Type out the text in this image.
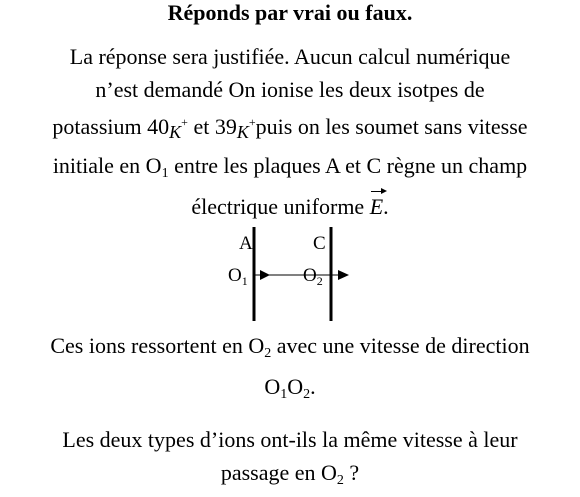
Réponds par vrai ou faux.

La réponse sera justifiée. Aucun calcul numérique
n’est demandé On ionise les deux isotpes de
potassium $40_K^+$ et $39_K^+puis$ on les soumet sans vitesse
initiale en $O_1$ entre les plaques A et C règne un champ
électrique uniforme E.
A	C
$O_1$	$O_2$
Ces ions ressortent en $O_2$ avec une vitesse de direction
$O_1O_2$.
Les deux types d’ions ont-ils la même vitesse à leur
passage en $O_2$ ?
